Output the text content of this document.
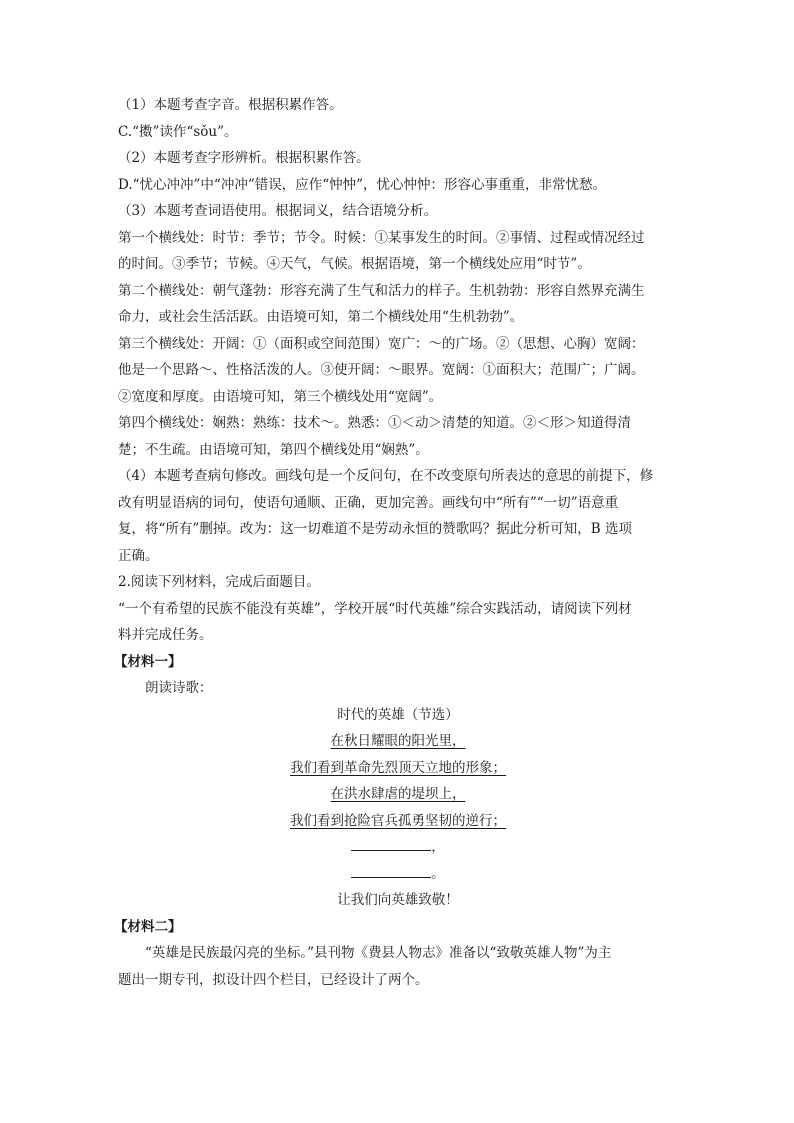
（1）本题考查字音。根据积累作答。
C.“擞”读作“sǒu”。
（2）本题考查字形辨析。根据积累作答。
D.“忧心冲冲”中“冲冲”错误，应作“忡忡”，忧心忡忡：形容心事重重，非常忧愁。
（3）本题考查词语使用。根据词义，结合语境分析。
第一个横线处：时节：季节；节令。时候：①某事发生的时间。②事情、过程或情况经过
的时间。③季节；节候。④天气，气候。根据语境，第一个横线处应用“时节”。
第二个横线处：朝气蓬勃：形容充满了生气和活力的样子。生机勃勃：形容自然界充满生
命力，或社会生活活跃。由语境可知，第二个横线处用“生机勃勃”。
第三个横线处：开阔：①（面积或空间范围）宽广：～的广场。②（思想、心胸）宽阔：
他是一个思路～、性格活泼的人。③使开阔：～眼界。宽阔：①面积大；范围广；广阔。
②宽度和厚度。由语境可知，第三个横线处用“宽阔”。
第四个横线处：娴熟：熟练：技术～。熟悉：①＜动＞清楚的知道。②＜形＞知道得清
楚；不生疏。由语境可知，第四个横线处用“娴熟”。
（4）本题考查病句修改。画线句是一个反问句，在不改变原句所表达的意思的前提下，修
改有明显语病的词句，使语句通顺、正确，更加完善。画线句中“所有”“一切”语意重
复，将“所有”删掉。改为：这一切难道不是劳动永恒的赞歌吗？据此分析可知，B 选项
正确。
2.阅读下列材料，完成后面题目。
“一个有希望的民族不能没有英雄”，学校开展“时代英雄”综合实践活动，请阅读下列材
料并完成任务。
【材料一】
朗读诗歌：
时代的英雄（节选）
在秋日耀眼的阳光里，
我们看到革命先烈顶天立地的形象；
在洪水肆虐的堤坝上，
我们看到抢险官兵孤勇坚韧的逆行；
，
。
让我们向英雄致敬！
【材料二】
“英雄是民族最闪亮的坐标。”县刊物《费县人物志》准备以“致敬英雄人物”为主
题出一期专刊，拟设计四个栏目，已经设计了两个。
